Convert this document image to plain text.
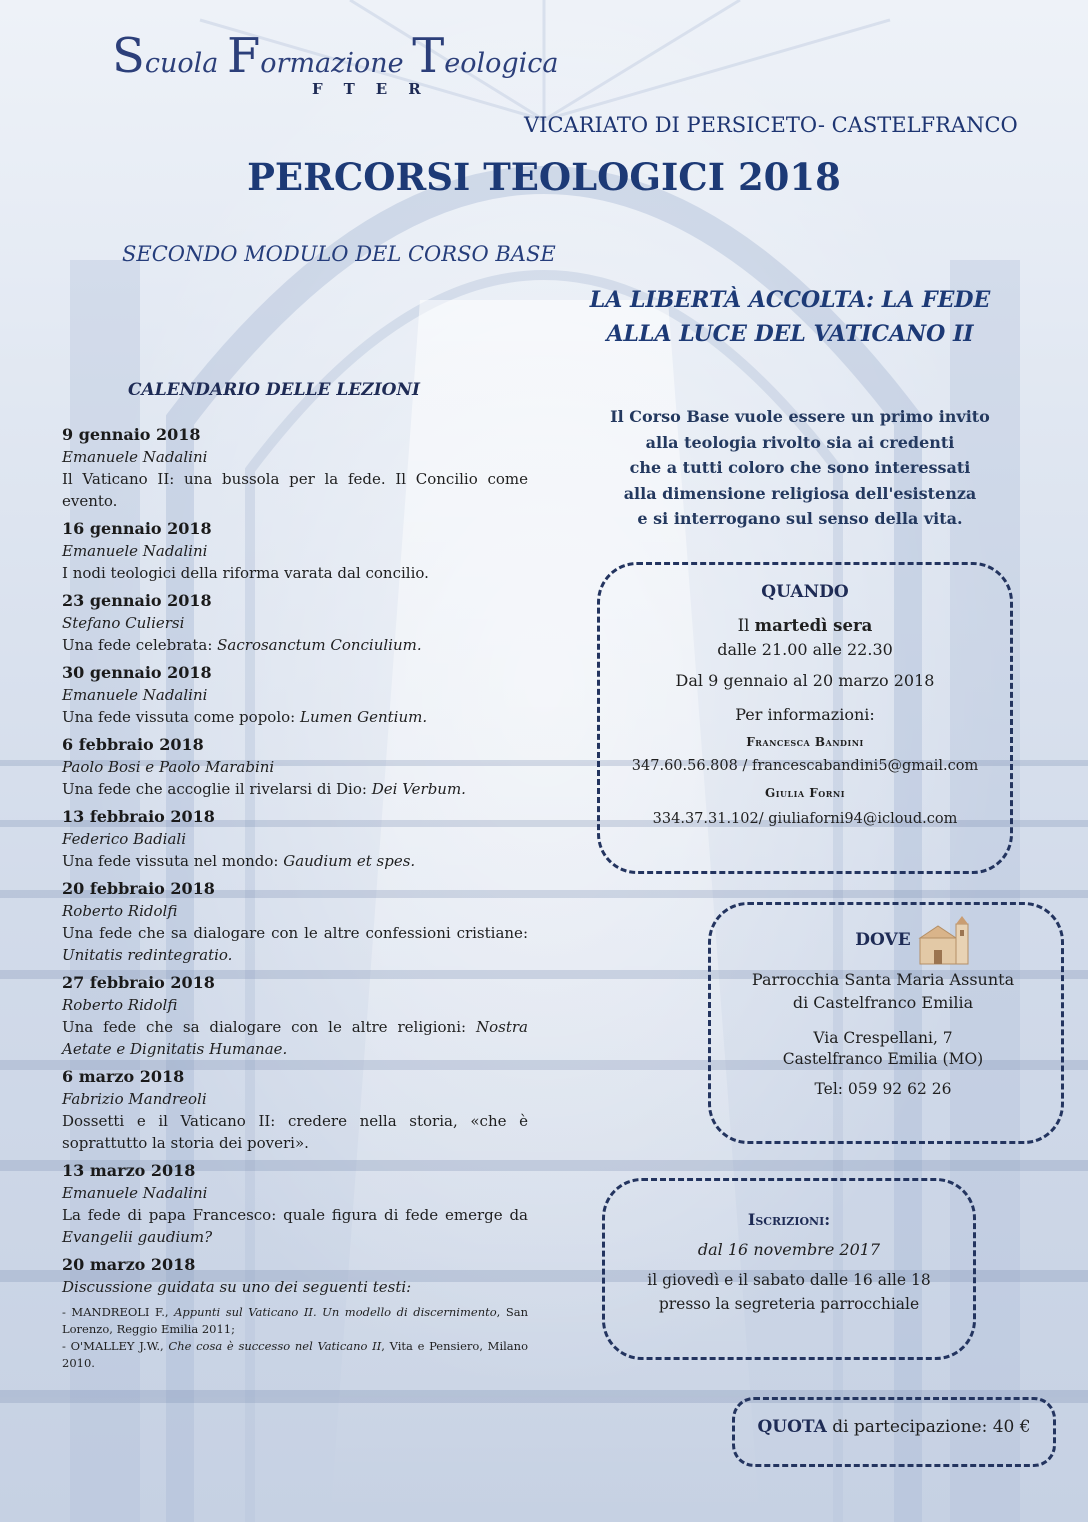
Scuola Formazione Teologica
FTER
VICARIATO DI PERSICETO- CASTELFRANCO
PERCORSI TEOLOGICI 2018
SECONDO MODULO DEL CORSO BASE
LA LIBERTÀ ACCOLTA: LA FEDE
ALLA LUCE DEL VATICANO II
CALENDARIO DELLE LEZIONI
9 gennaio 2018
Emanuele Nadalini
Il Vaticano II: una bussola per la fede. Il Concilio come evento.
16 gennaio 2018
Emanuele Nadalini
I nodi teologici della riforma varata dal concilio.
23 gennaio 2018
Stefano Culiersi
Una fede celebrata: Sacrosanctum Conciulium.
30 gennaio 2018
Emanuele Nadalini
Una fede vissuta come popolo: Lumen Gentium.
6 febbraio 2018
Paolo Bosi e Paolo Marabini
Una fede che accoglie il rivelarsi di Dio: Dei Verbum.
13 febbraio 2018
Federico Badiali
Una fede vissuta nel mondo: Gaudium et spes.
20 febbraio 2018
Roberto Ridolfi
Una fede che sa dialogare con le altre confessioni cristiane: Unitatis redintegratio.
27 febbraio 2018
Roberto Ridolfi
Una fede che sa dialogare con le altre religioni: Nostra Aetate e Dignitatis Humanae.
6 marzo 2018
Fabrizio Mandreoli
Dossetti e il Vaticano II: credere nella storia, «che è soprattutto la storia dei poveri».
13 marzo 2018
Emanuele Nadalini
La fede di papa Francesco: quale figura di fede emerge da Evangelii gaudium?
20 marzo 2018
Discussione guidata su uno dei seguenti testi:
- MANDREOLI F., Appunti sul Vaticano II. Un modello di discernimento, San Lorenzo, Reggio Emilia 2011;
- O'MALLEY J.W., Che cosa è successo nel Vaticano II, Vita e Pensiero, Milano 2010.
Il Corso Base vuole essere un primo invito
alla teologia rivolto sia ai credenti
che a tutti coloro che sono interessati
alla dimensione religiosa dell'esistenza
e si interrogano sul senso della vita.
QUANDO
Il martedì sera
dalle 21.00 alle 22.30
Dal 9 gennaio al 20 marzo 2018
Per informazioni:
Francesca Bandini
347.60.56.808 / francescabandini5@gmail.com
Giulia Forni
334.37.31.102/ giuliaforni94@icloud.com
DOVE
Parrocchia Santa Maria Assunta
di Castelfranco Emilia
Via Crespellani, 7
Castelfranco Emilia (MO)
Tel: 059 92 62 26
Iscrizioni:
dal 16 novembre 2017
il giovedì e il sabato dalle 16 alle 18
presso la segreteria parrocchiale
QUOTA di partecipazione: 40 €
